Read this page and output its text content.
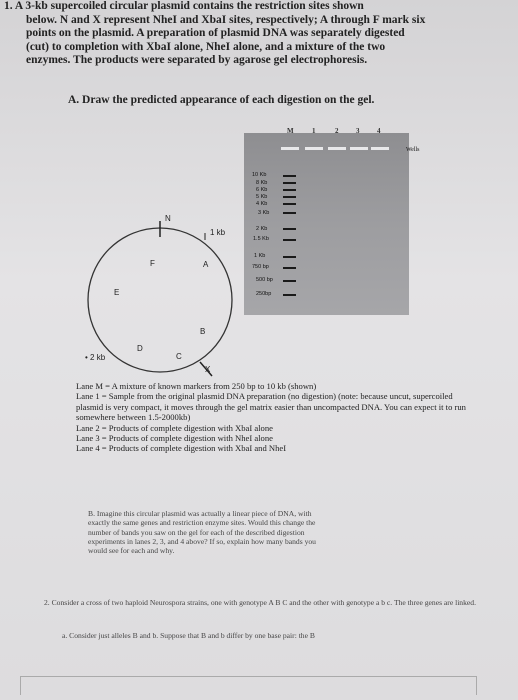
1. A 3-kb supercoiled circular plasmid contains the restriction sites shown
below. N and X represent NheI and XbaI sites, respectively; A through F mark six
points on the plasmid. A preparation of plasmid DNA was separately digested
(cut) to completion with XbaI alone, NheI alone, and a mixture of the two
enzymes. The products were separated by agarose gel electrophoresis.
A. Draw the predicted appearance of each digestion on the gel.
N
X
A
B
C
D
E
F
1 kb
• 2 kb
M	1	2	3	4
Wells
10 Kb
8 Kb
6 Kb
5 Kb
4 Kb
3 Kb
2 Kb
1.5 Kb
1 Kb
750 bp
500 bp
250bp

Lane M = A mixture of known markers from 250 bp to 10 kb (shown)

Lane 1 = Sample from the original plasmid DNA preparation (no digestion) (note: because uncut, supercoiled plasmid is very compact, it moves through the gel matrix easier than uncompacted DNA. You can expect it to run somewhere between 1.5-2000kb)

Lane 2 = Products of complete digestion with XbaI alone

Lane 3 = Products of complete digestion with NheI alone

Lane 4 = Products of complete digestion with XbaI and NheI

B. Imagine this circular plasmid was actually a linear piece of DNA, with exactly the same genes and restriction enzyme sites. Would this change the number of bands you saw on the gel for each of the described digestion experiments in lanes 2, 3, and 4 above? If so, explain how many bands you would see for each and why.

2. Consider a cross of two haploid Neurospora strains, one with genotype A B C and the other with genotype a b c. The three genes are linked.

a. Consider just alleles B and b. Suppose that B and b differ by one base pair: the B
